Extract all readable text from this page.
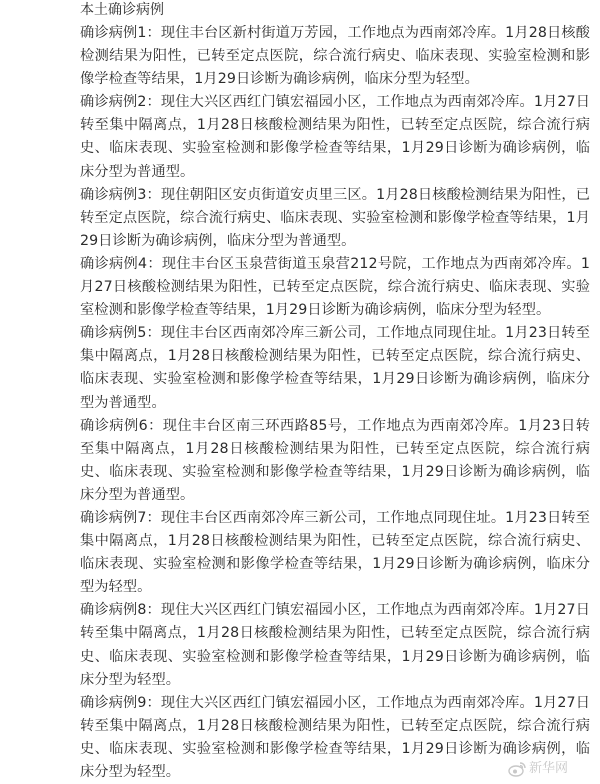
本土确诊病例

确诊病例1：现住丰台区新村街道万芳园，工作地点为西南郊冷库。1月28日核酸检测结果为阳性，已转至定点医院，综合流行病史、临床表现、实验室检测和影像学检查等结果，1月29日诊断为确诊病例，临床分型为轻型。

确诊病例2：现住大兴区西红门镇宏福园小区，工作地点为西南郊冷库。1月27日转至集中隔离点，1月28日核酸检测结果为阳性，已转至定点医院，综合流行病史、临床表现、实验室检测和影像学检查等结果，1月29日诊断为确诊病例，临床分型为普通型。

确诊病例3：现住朝阳区安贞街道安贞里三区。1月28日核酸检测结果为阳性，已转至定点医院，综合流行病史、临床表现、实验室检测和影像学检查等结果，1月29日诊断为确诊病例，临床分型为普通型。

确诊病例4：现住丰台区玉泉营街道玉泉营212号院，工作地点为西南郊冷库。1月27日核酸检测结果为阳性，已转至定点医院，综合流行病史、临床表现、实验室检测和影像学检查等结果，1月29日诊断为确诊病例，临床分型为轻型。

确诊病例5：现住丰台区西南郊冷库三新公司，工作地点同现住址。1月23日转至集中隔离点，1月28日核酸检测结果为阳性，已转至定点医院，综合流行病史、临床表现、实验室检测和影像学检查等结果，1月29日诊断为确诊病例，临床分型为普通型。

确诊病例6：现住丰台区南三环西路85号，工作地点为西南郊冷库。1月23日转至集中隔离点，1月28日核酸检测结果为阳性，已转至定点医院，综合流行病史、临床表现、实验室检测和影像学检查等结果，1月29日诊断为确诊病例，临床分型为普通型。

确诊病例7：现住丰台区西南郊冷库三新公司，工作地点同现住址。1月23日转至集中隔离点，1月28日核酸检测结果为阳性，已转至定点医院，综合流行病史、临床表现、实验室检测和影像学检查等结果，1月29日诊断为确诊病例，临床分型为轻型。

确诊病例8：现住大兴区西红门镇宏福园小区，工作地点为西南郊冷库。1月27日转至集中隔离点，1月28日核酸检测结果为阳性，已转至定点医院，综合流行病史、临床表现、实验室检测和影像学检查等结果，1月29日诊断为确诊病例，临床分型为轻型。

确诊病例9：现住大兴区西红门镇宏福园小区，工作地点为西南郊冷库。1月27日转至集中隔离点，1月28日核酸检测结果为阳性，已转至定点医院，综合流行病史、临床表现、实验室检测和影像学检查等结果，1月29日诊断为确诊病例，临床分型为轻型。	新华网
